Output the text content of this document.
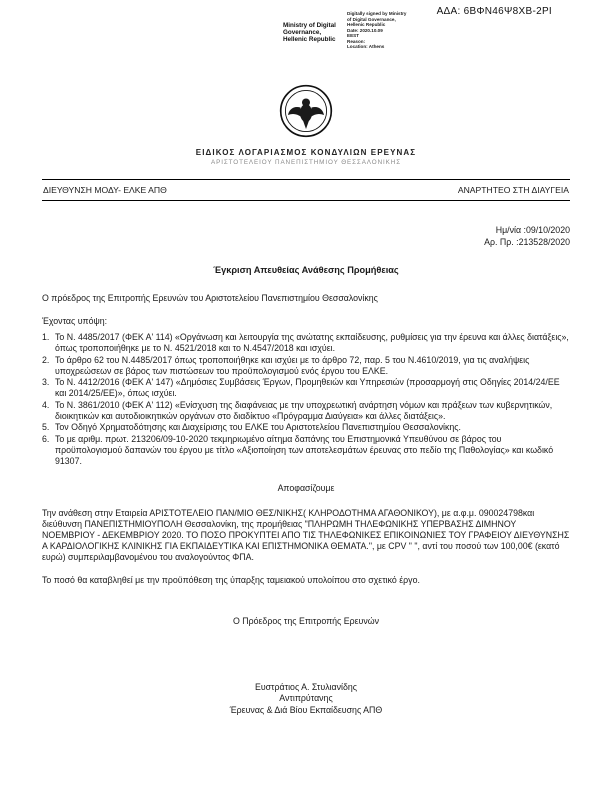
ΑΔΑ: 6ΒΦΝ46Ψ8ΧΒ-2ΡΙ
Ministry of Digital
Governance,
Hellenic Republic
Digitally signed by Ministry
of Digital Governance,
Hellenic Republic
Date: 2020.10.09
EEST
Reason:
Location: Athens
ΕΙΔΙΚΟΣ ΛΟΓΑΡΙΑΣΜΟΣ ΚΟΝΔΥΛΙΩΝ ΕΡΕΥΝΑΣ
ΑΡΙΣΤΟΤΕΛΕΙΟΥ ΠΑΝΕΠΙΣΤΗΜΙΟΥ ΘΕΣΣΑΛΟΝΙΚΗΣ
ΔΙΕΥΘΥΝΣΗ ΜΟΔΥ- ΕΛΚΕ ΑΠΘ	ΑΝΑΡΤΗΤΕΟ ΣΤΗ ΔΙΑΥΓΕΙΑ
Ημ/νία :09/10/2020
Αρ. Πρ. :213528/2020
Έγκριση Απευθείας Ανάθεσης Προμήθειας
Ο πρόεδρος της Επιτροπής Ερευνών του Αριστοτελείου Πανεπιστημίου Θεσσαλονίκης
Έχοντας υπόψη:
1. Το Ν. 4485/2017 (ΦΕΚ Α' 114) «Οργάνωση και λειτουργία της ανώτατης εκπαίδευσης, ρυθμίσεις για την έρευνα και άλλες διατάξεις», όπως τροποποιήθηκε με το Ν. 4521/2018 και το Ν.4547/2018 και ισχύει.
2. Το άρθρο 62 του Ν.4485/2017 όπως τροποποιήθηκε και ισχύει με το άρθρο 72, παρ. 5 του Ν.4610/2019, για τις αναλήψεις υποχρεώσεων σε βάρος των πιστώσεων του προϋπολογισμού ενός έργου του ΕΛΚΕ.
3. Το Ν. 4412/2016 (ΦΕΚ Α' 147) «Δημόσιες Συμβάσεις Έργων, Προμηθειών και Υπηρεσιών (προσαρμογή στις Οδηγίες 2014/24/ΕΕ και 2014/25/ΕΕ)», όπως ισχύει.
4. Το Ν. 3861/2010 (ΦΕΚ Α' 112) «Ενίσχυση της διαφάνειας με την υποχρεωτική ανάρτηση νόμων και πράξεων των κυβερνητικών, διοικητικών και αυτοδιοικητικών οργάνων στο διαδίκτυο «Πρόγραμμα Διαύγεια» και άλλες διατάξεις».
5. Τον Οδηγό Χρηματοδότησης και Διαχείρισης του ΕΛΚΕ του Αριστοτελείου Πανεπιστημίου Θεσσαλονίκης.
6. Το με αριθμ. πρωτ. 213206/09-10-2020 τεκμηριωμένο αίτημα δαπάνης του Επιστημονικά Υπευθύνου σε βάρος του προϋπολογισμού δαπανών του έργου με τίτλο «Αξιοποίηση των αποτελεσμάτων έρευνας στο πεδίο της Παθολογίας» και κωδικό 91307.
Αποφασίζουμε
Την ανάθεση στην Εταιρεία ΑΡΙΣΤΟΤΕΛΕΙΟ ΠΑΝ/ΜΙΟ ΘΕΣ/ΝΙΚΗΣ( ΚΛΗΡΟΔΟΤΗΜΑ ΑΓΑΘΟΝΙΚΟΥ), με α.φ.μ. 090024798και διεύθυνση ΠΑΝΕΠΙΣΤΗΜΙΟΥΠΟΛΗ Θεσσαλονίκη, της προμήθειας "ΠΛΗΡΩΜΗ ΤΗΛΕΦΩΝΙΚΗΣ ΥΠΕΡΒΑΣΗΣ ΔΙΜΗΝΟΥ ΝΟΕΜΒΡΙΟΥ - ΔΕΚΕΜΒΡΙΟΥ 2020. ΤΟ ΠΟΣΟ ΠΡΟΚΥΠΤΕΙ ΑΠΟ ΤΙΣ ΤΗΛΕΦΩΝΙΚΕΣ ΕΠΙΚΟΙΝΩΝΙΕΣ ΤΟΥ ΓΡΑΦΕΙΟΥ ΔΙΕΥΘΥΝΣΗΣ Α ΚΑΡΔΙΟΛΟΓΙΚΗΣ ΚΛΙΝΙΚΗΣ ΓΙΑ ΕΚΠΑΙΔΕΥΤΙΚΑ ΚΑΙ ΕΠΙΣΤΗΜΟΝΙΚΑ ΘΕΜΑΤΑ.", με CPV " ", αντί του ποσού των 100,00€ (εκατό ευρώ) συμπεριλαμβανομένου του αναλογούντος ΦΠΑ.
Το ποσό θα καταβληθεί με την προϋπόθεση της ύπαρξης ταμειακού υπολοίπου στο σχετικό έργο.
Ο Πρόεδρος της Επιτροπής Ερευνών
Ευστράτιος Α. Στυλιανίδης
Αντιπρύτανης
Έρευνας & Διά Βίου Εκπαίδευσης ΑΠΘ
